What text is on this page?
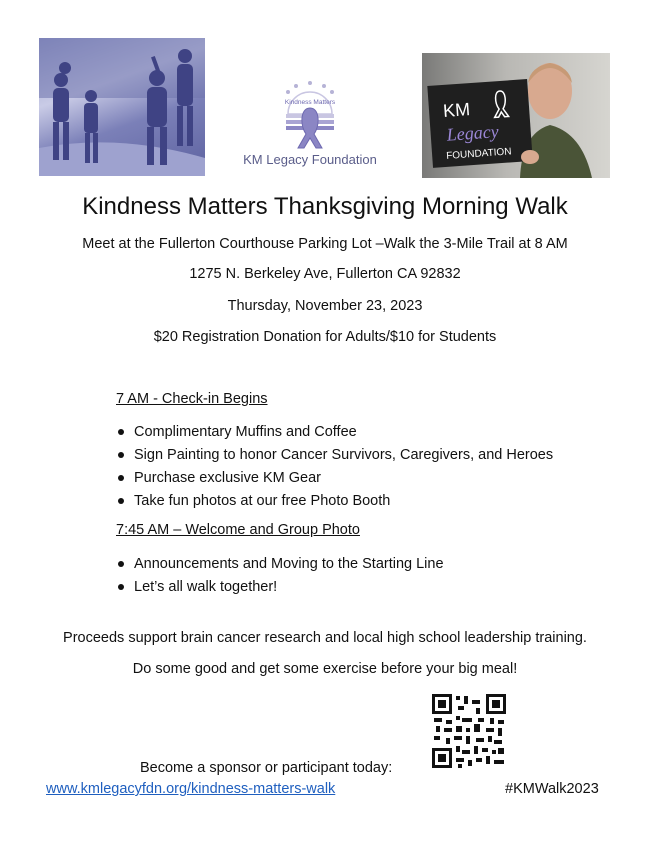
Kindness Matters
KM Legacy Foundation
KM
Legacy
FOUNDATION
Kindness Matters Thanksgiving Morning Walk
Meet at the Fullerton Courthouse Parking Lot –Walk the 3-Mile Trail at 8 AM
1275 N. Berkeley Ave, Fullerton CA 92832
Thursday, November 23, 2023
$20 Registration Donation for Adults/$10 for Students
7 AM - Check-in Begins
Complimentary Muffins and Coffee
Sign Painting to honor Cancer Survivors, Caregivers, and Heroes
Purchase exclusive KM Gear
Take fun photos at our free Photo Booth
7:45 AM – Welcome and Group Photo
Announcements and Moving to the Starting Line
Let’s all walk together!
Proceeds support brain cancer research and local high school leadership training.
Do some good and get some exercise before your big meal!
Become a sponsor or participant today:
www.kmlegacyfdn.org/kindness-matters-walk	#KMWalk2023
